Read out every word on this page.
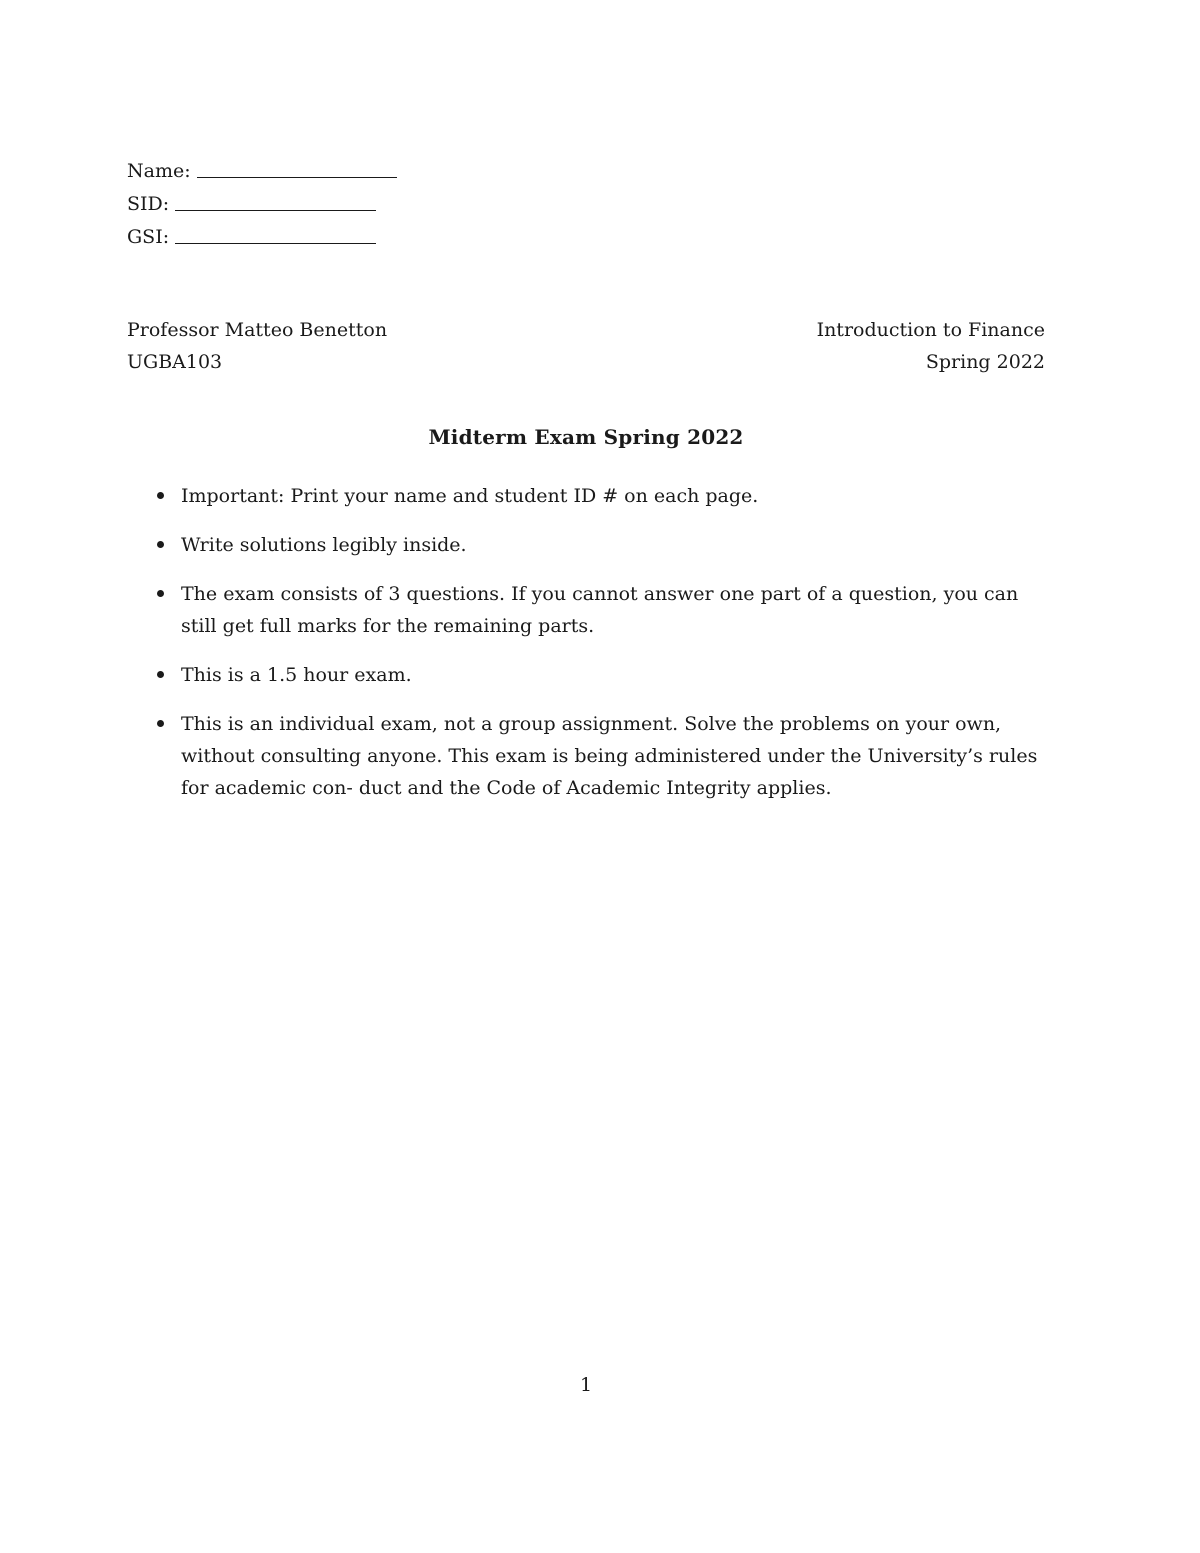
Name:
SID:
GSI:
Professor Matteo Benetton	Introduction to Finance
UGBA103	Spring 2022
Midterm Exam Spring 2022
Important: Print your name and student ID # on each page.
Write solutions legibly inside.
The exam consists of 3 questions. If you cannot answer one part of a question, you can still get full marks for the remaining parts.
This is a 1.5 hour exam.
This is an individual exam, not a group assignment. Solve the problems on your own, without consulting anyone. This exam is being administered under the University’s rules for academic con- duct and the Code of Academic Integrity applies.
1
